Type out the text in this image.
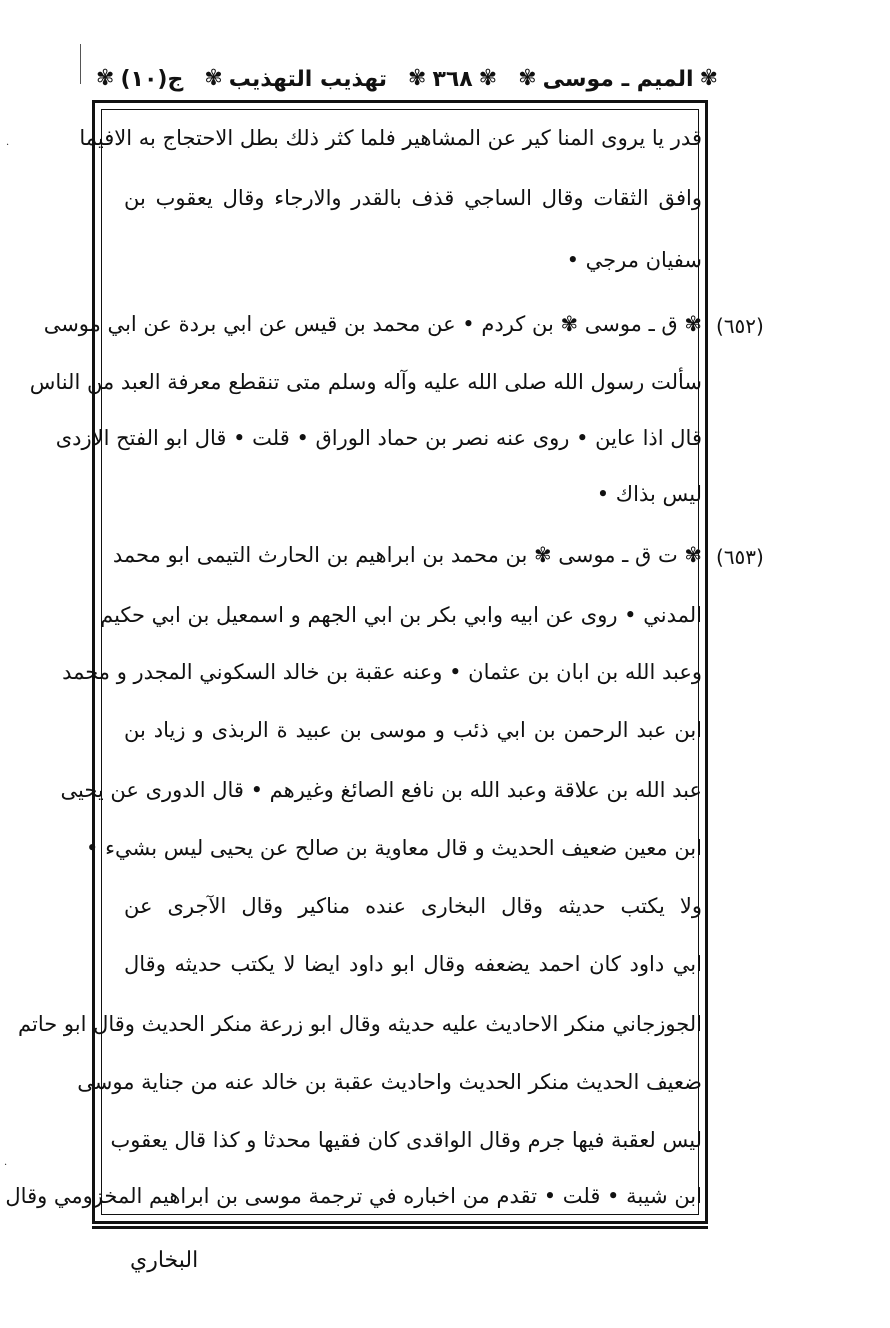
ج(١٠)
✾	تهذيب التهذيب
✾	✾
٣٦٨
✾	✾
الميم ـ موسى
✾
قدر يا يروى المنا كير عن المشاهير فلما كثر ذلك بطل الاحتجاج به الافيما
وافق الثقات وقال الساجي قذف بالقدر والارجاء وقال يعقوب بن
سفيان مرجي •
(٦٥٢)
✾ ق ـ موسى ✾ بن كردم • عن محمد بن قيس عن ابي بردة عن ابي موسى
سألت رسول الله صلى الله عليه وآله وسلم متى تنقطع معرفة العبد من الناس
قال اذا عاين • روى عنه نصر بن حماد الوراق • قلت • قال ابو الفتح الازدى
ليس بذاك •
(٦٥٣)
✾ ت ق ـ موسى ✾ بن محمد بن ابراهيم بن الحارث التيمى ابو محمد
المدني • روى عن ابيه وابي بكر بن ابي الجهم و اسمعيل بن ابي حكيم
وعبد الله بن ابان بن عثمان • وعنه عقبة بن خالد السكوني المجدر و محمد
ابن عبد الرحمن بن ابي ذئب و موسى بن عبيد ة الربذى و زياد بن
عبد الله بن علاقة وعبد الله بن نافع الصائغ وغيرهم • قال الدورى عن يحيى
ابن معين ضعيف الحديث و قال معاوية بن صالح عن يحيى ليس بشيء •
ولا يكتب حديثه وقال البخارى عنده مناكير وقال الآجرى عن
ابي داود كان احمد يضعفه وقال ابو داود ايضا لا يكتب حديثه وقال
الجوزجاني منكر الاحاديث عليه حديثه وقال ابو زرعة منكر الحديث وقال ابو حاتم
ضعيف الحديث منكر الحديث واحاديث عقبة بن خالد عنه من جناية موسى
ليس لعقبة فيها جرم وقال الواقدى كان فقيها محدثا و كذا قال يعقوب
ابن شيبة • قلت • تقدم من اخباره في ترجمة موسى بن ابراهيم المخزومي وقال
البخاري
·
·
